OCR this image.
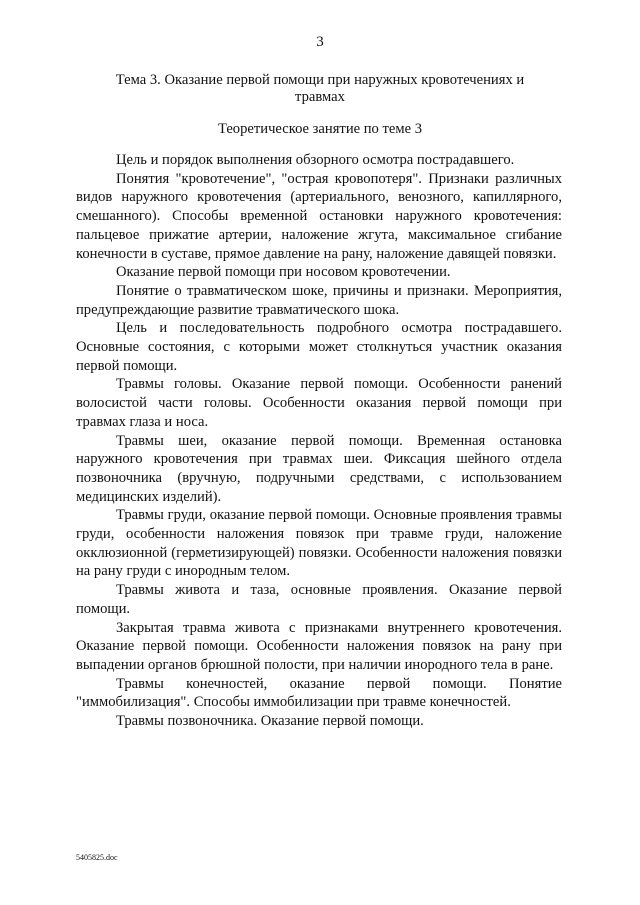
3
Тема 3. Оказание первой помощи при наружных кровотечениях и травмах
Теоретическое занятие по теме 3

Цель и порядок выполнения обзорного осмотра пострадавшего.

Понятия "кровотечение", "острая кровопотеря". Признаки различных видов наружного кровотечения (артериального, венозного, капиллярного, смешанного). Способы временной остановки наружного кровотечения: пальцевое прижатие артерии, наложение жгута, максимальное сгибание конечности в суставе, прямое давление на рану, наложение давящей повязки.

Оказание первой помощи при носовом кровотечении.

Понятие о травматическом шоке, причины и признаки. Мероприятия, предупреждающие развитие травматического шока.

Цель и последовательность подробного осмотра пострадавшего. Основные состояния, с которыми может столкнуться участник оказания первой помощи.

Травмы головы. Оказание первой помощи. Особенности ранений волосистой части головы. Особенности оказания первой помощи при травмах глаза и носа.

Травмы шеи, оказание первой помощи. Временная остановка наружного кровотечения при травмах шеи. Фиксация шейного отдела позвоночника (вручную, подручными средствами, с использованием медицинских изделий).

Травмы груди, оказание первой помощи. Основные проявления травмы груди, особенности наложения повязок при травме груди, наложение окклюзионной (герметизирующей) повязки. Особенности наложения повязки на рану груди с инородным телом.

Травмы живота и таза, основные проявления. Оказание первой помощи.

Закрытая травма живота с признаками внутреннего кровотечения. Оказание первой помощи. Особенности наложения повязок на рану при выпадении органов брюшной полости, при наличии инородного тела в ране.

Травмы конечностей, оказание первой помощи. Понятие "иммобилизация". Способы иммобилизации при травме конечностей.

Травмы позвоночника. Оказание первой помощи.

5405825.doc
